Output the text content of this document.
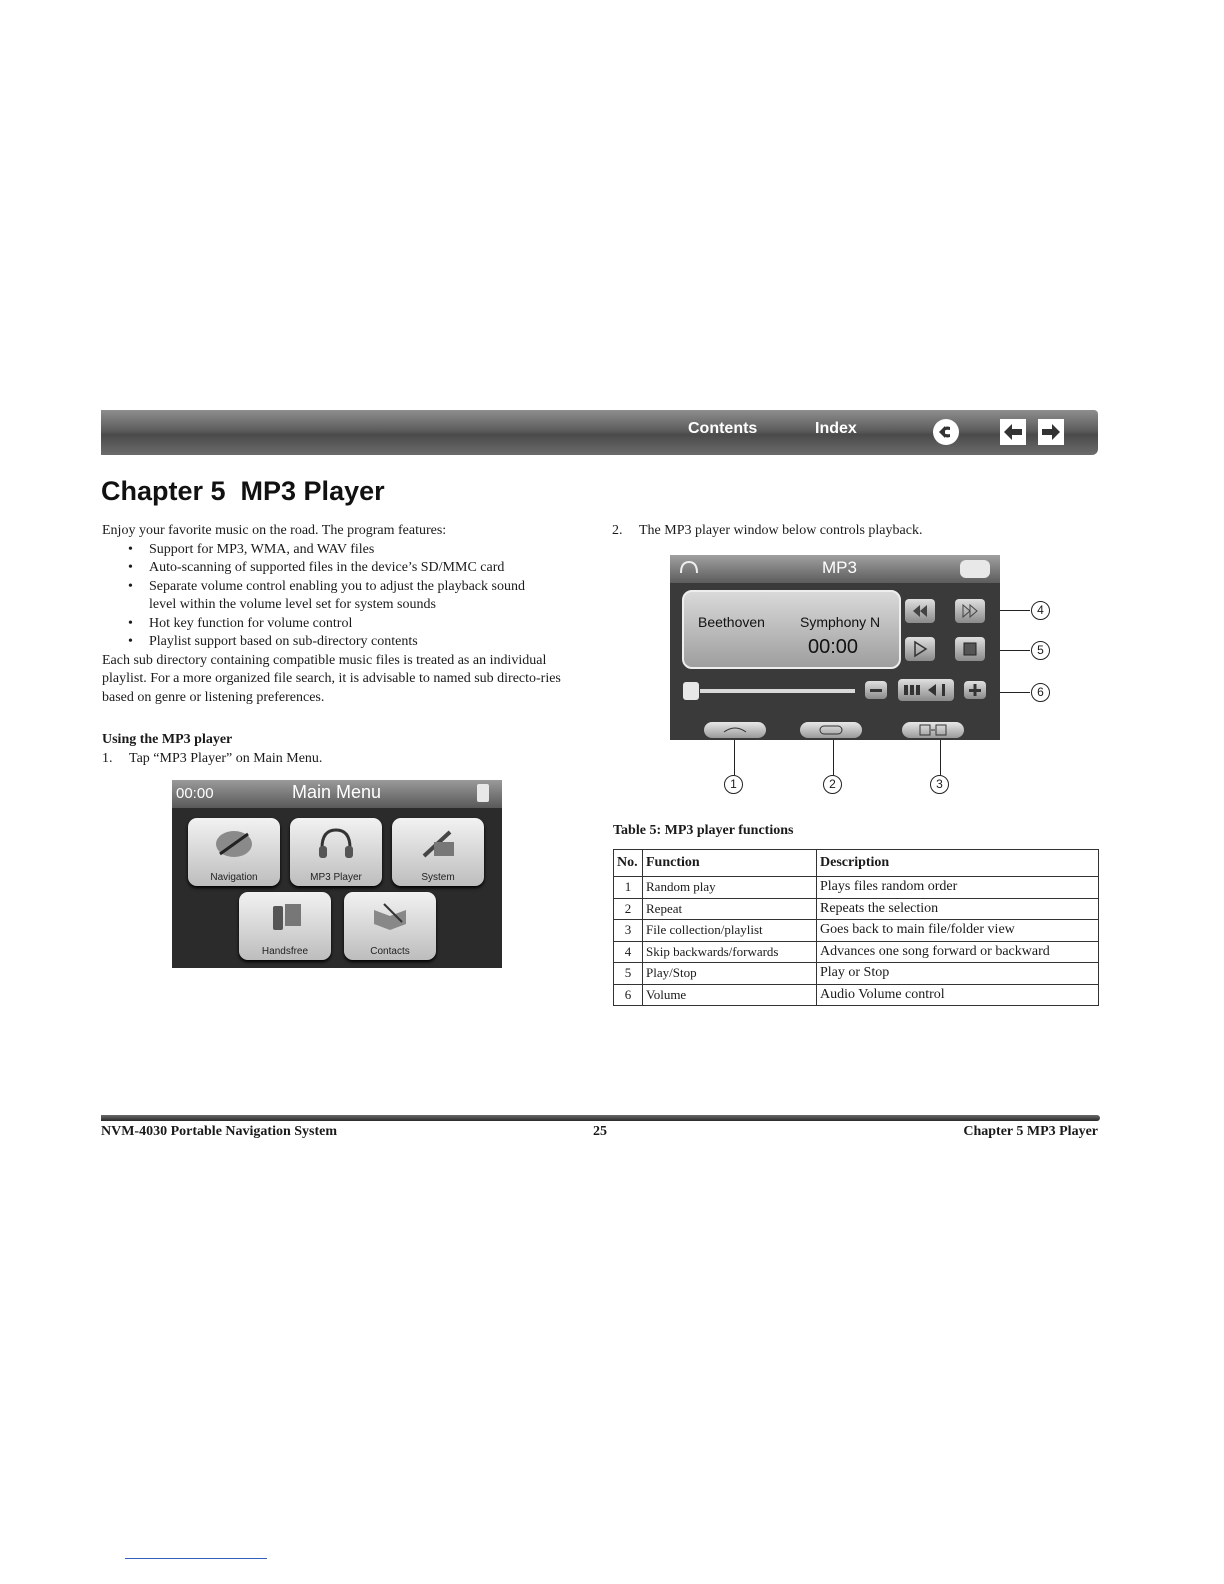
Contents	Index
Chapter 5  MP3 Player

Enjoy your favorite music on the road. The program features:

• Support for MP3, WMA, and WAV files
• Auto-scanning of supported files in the device’s SD/MMC card
• Separate volume control enabling you to adjust the playback sound
level within the volume level set for system sounds
• Hot key function for volume control
• Playlist support based on sub-directory contents

Each sub directory containing compatible music files is treated as an individual playlist. For a more organized file search, it is advisable to named sub directo-ries based on genre or listening preferences.

Using the MP3 player
1. Tap “MP3 Player” on Main Menu.
00:00	Main Menu
Navigation	MP3 Player	System
Handsfree	Contacts
2. The MP3 player window below controls playback.
MP3
Beethoven	Symphony N
00:00
4
5
6
1	2	3
Table 5: MP3 player functions
No.	Function	Description
1	Random play	Plays files random order
2	Repeat	Repeats the selection
3	File collection/playlist	Goes back to main file/folder view
4	Skip backwards/forwards	Advances one song forward or backward
5	Play/Stop	Play or Stop
6	Volume	Audio Volume control
NVM-4030 Portable Navigation System	25	Chapter 5 MP3 Player
